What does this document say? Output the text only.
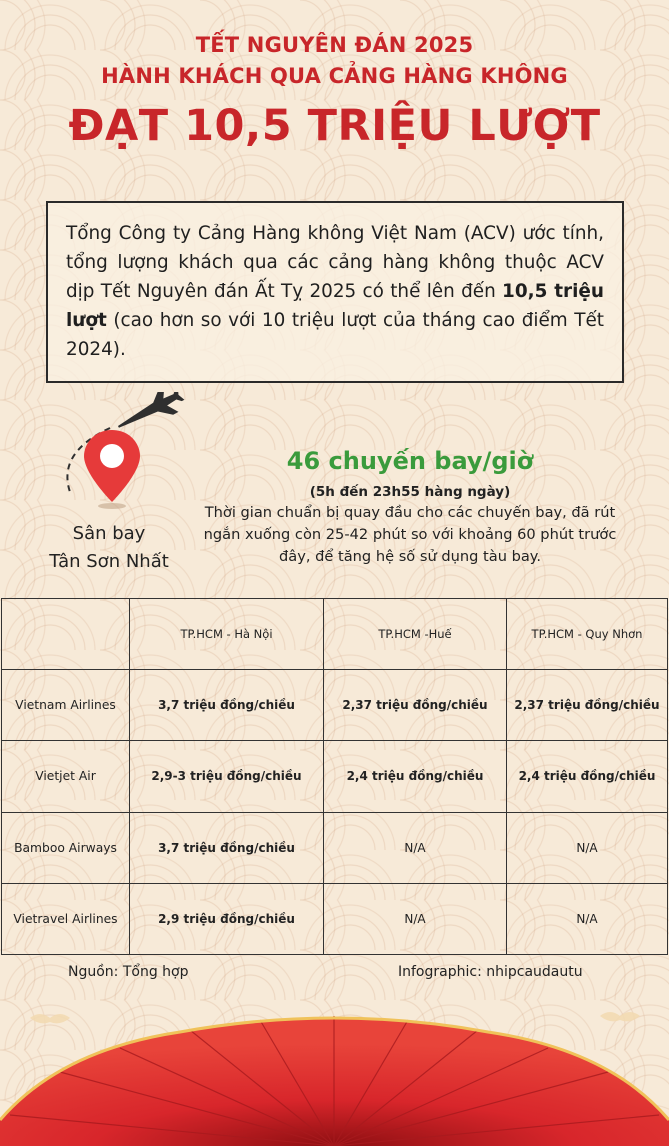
TẾT NGUYÊN ĐÁN 2025
HÀNH KHÁCH QUA CẢNG HÀNG KHÔNG
ĐẠT 10,5 TRIỆU LƯỢT
Tổng Công ty Cảng Hàng không Việt Nam (ACV) ước tính, tổng lượng khách qua các cảng hàng không thuộc ACV dịp Tết Nguyên đán Ất Tỵ 2025 có thể lên đến 10,5 triệu lượt (cao hơn so với 10 triệu lượt của tháng cao điểm Tết 2024).
Sân bay
Tân Sơn Nhất
46 chuyến bay/giờ
(5h đến 23h55 hàng ngày)
Thời gian chuẩn bị quay đầu cho các chuyến bay, đã rút ngắn xuống còn 25-42 phút so với khoảng 60 phút trước đây, để tăng hệ số sử dụng tàu bay.
	TP.HCM - Hà Nội	TP.HCM -Huế	TP.HCM - Quy Nhơn
Vietnam Airlines	3,7 triệu đồng/chiều	2,37 triệu đồng/chiều	2,37 triệu đồng/chiều
Vietjet Air	2,9-3 triệu đồng/chiều	2,4 triệu đồng/chiều	2,4 triệu đồng/chiều
Bamboo Airways	3,7 triệu đồng/chiều	N/A	N/A
Vietravel Airlines	2,9 triệu đồng/chiều	N/A	N/A
Nguồn: Tổng hợp	Infographic: nhipcaudautu
